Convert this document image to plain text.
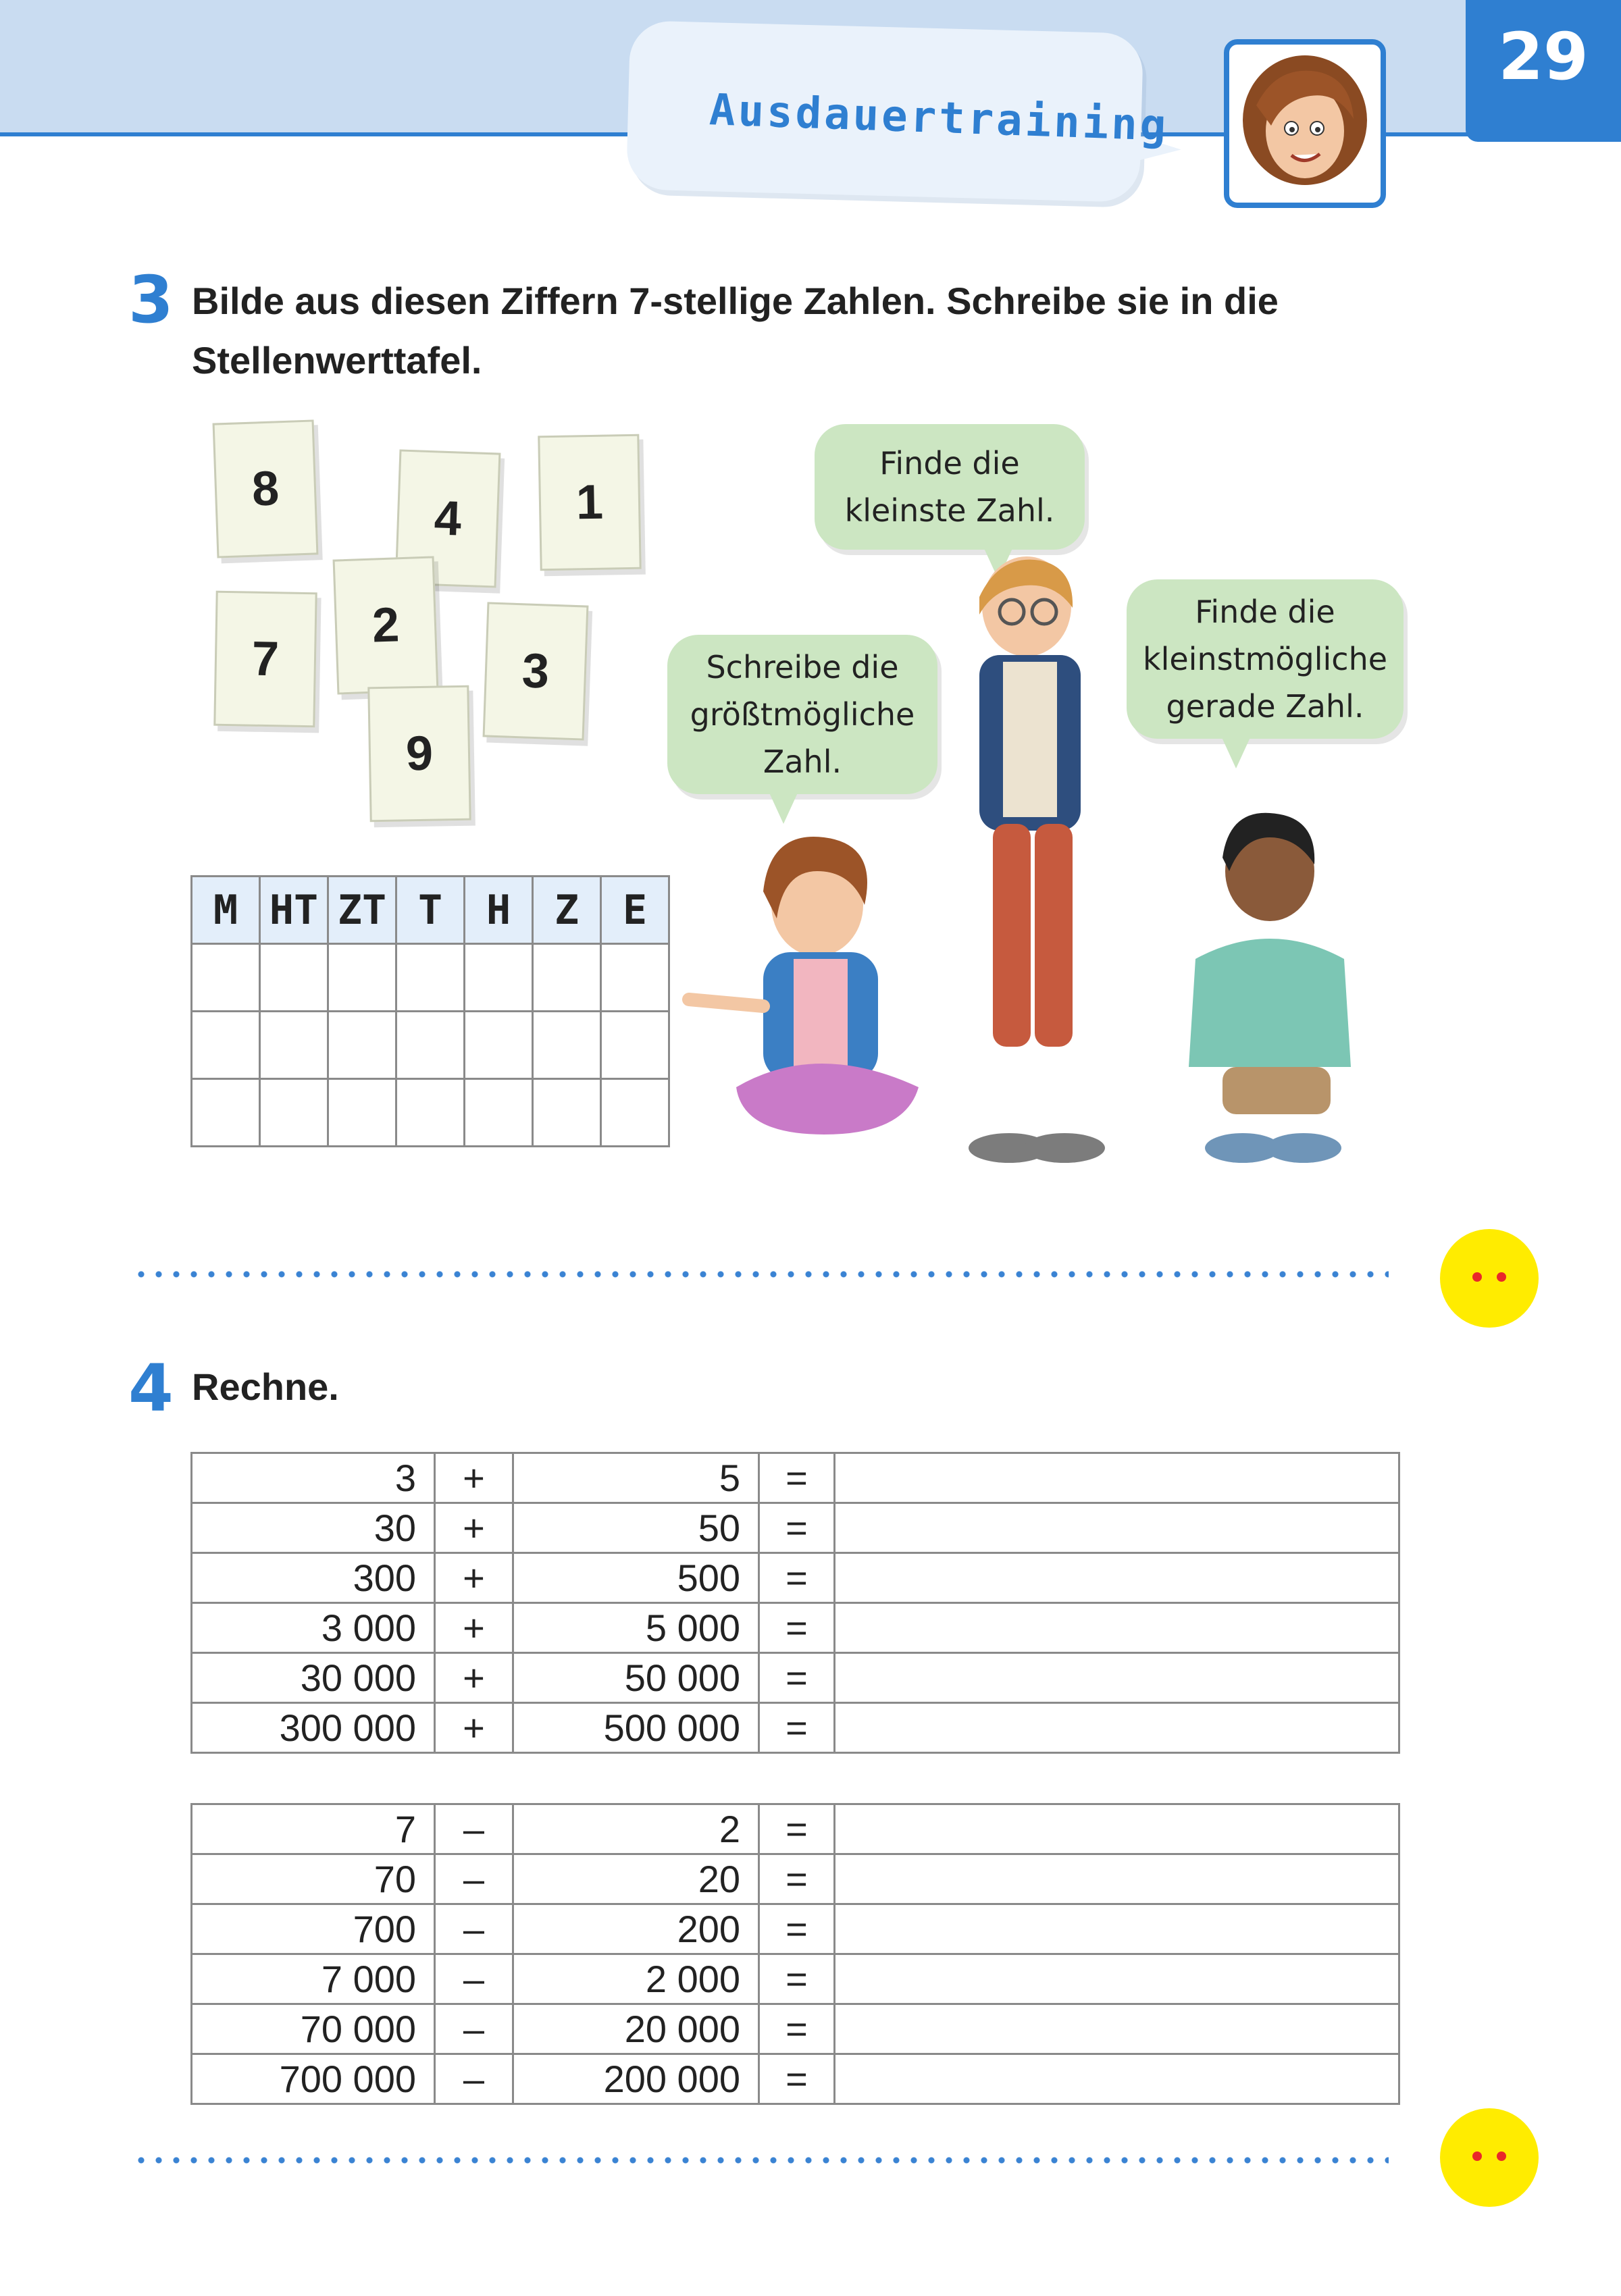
Ausdauertraining
29
3 Bilde aus diesen Ziffern 7-stellige Zahlen. Schreibe sie in die
Stellenwerttafel.
8
4	1
7
2
3
9
Finde die kleinste Zahl.
Schreibe die größtmögliche Zahl.
Finde die kleinstmögliche gerade Zahl.
M	HT	ZT	T	H	Z	E

4 Rechne.
3	+	5	=	
30	+	50	=	
300	+	500	=	
3 000	+	5 000	=	
30 000	+	50 000	=	
300 000	+	500 000	=	
7	–	2	=	
70	–	20	=	
700	–	200	=	
7 000	–	2 000	=	
70 000	–	20 000	=	
700 000	–	200 000	=	
